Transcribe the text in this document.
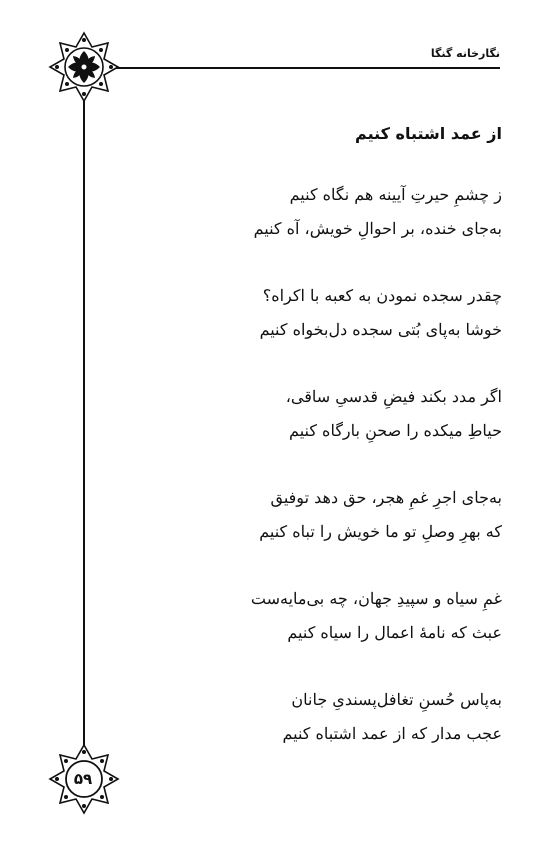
نگارخانه گنگا
۵۹
از عمد اشتباه کنیم
ز چشمِ حیرتِ آیینه هم نگاه کنیم
به‌جای خنده، بر احوالِ خویش، آه کنیم
چقدر سجده نمودن به کعبه با اکراه؟
خوشا به‌پای بُتی سجده دل‌بخواه کنیم
اگر مدد بکند فیضِ قدسیِ ساقی،
حیاطِ میکده را صحنِ بارگاه کنیم
به‌جای اجرِ غمِ هجر، حق دهد توفیق
که بهرِ وصلِ تو ما خویش را تباه کنیم
غمِ سیاه و سپیدِ جهان، چه بی‌مایه‌ست
عبث که نامۀ اعمال را سیاه کنیم
به‌پاس حُسنِ تغافل‌پسندیِ جانان
عجب مدار که از عمد اشتباه کنیم
